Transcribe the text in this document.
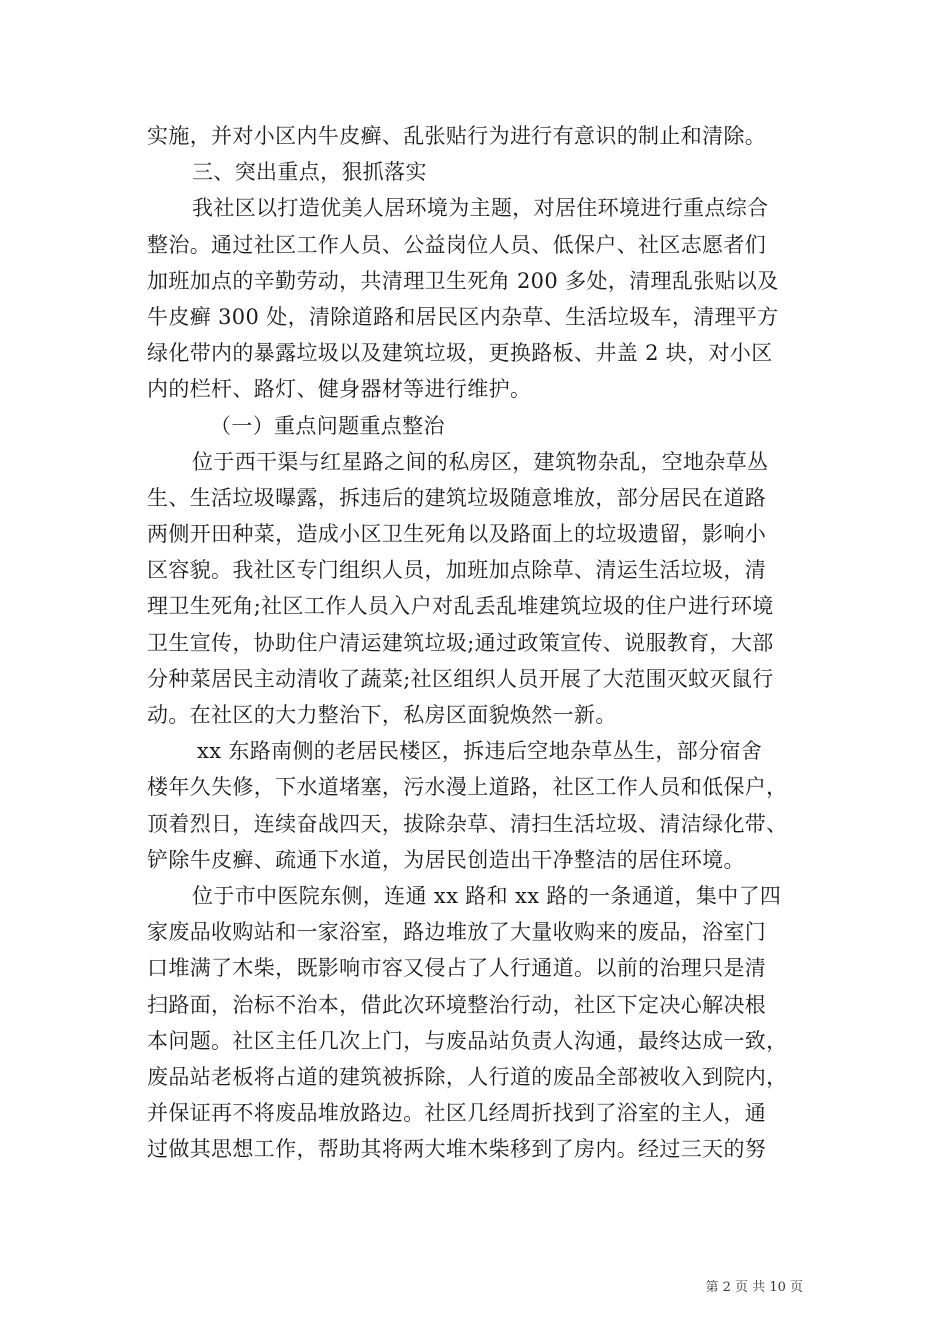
实施，并对小区内牛皮癣、乱张贴行为进行有意识的制止和清除。
三、突出重点，狠抓落实
我社区以打造优美人居环境为主题，对居住环境进行重点综合
整治。通过社区工作人员、公益岗位人员、低保户、社区志愿者们
加班加点的辛勤劳动，共清理卫生死角 200 多处，清理乱张贴以及
牛皮癣 300 处，清除道路和居民区内杂草、生活垃圾车，清理平方
绿化带内的暴露垃圾以及建筑垃圾，更换路板、井盖 2 块，对小区
内的栏杆、路灯、健身器材等进行维护。
（一）重点问题重点整治
位于西干渠与红星路之间的私房区，建筑物杂乱，空地杂草丛
生、生活垃圾曝露，拆违后的建筑垃圾随意堆放，部分居民在道路
两侧开田种菜，造成小区卫生死角以及路面上的垃圾遗留，影响小
区容貌。我社区专门组织人员，加班加点除草、清运生活垃圾，清
理卫生死角;社区工作人员入户对乱丢乱堆建筑垃圾的住户进行环境
卫生宣传，协助住户清运建筑垃圾;通过政策宣传、说服教育，大部
分种菜居民主动清收了蔬菜;社区组织人员开展了大范围灭蚊灭鼠行
动。在社区的大力整治下，私房区面貌焕然一新。
xx 东路南侧的老居民楼区，拆违后空地杂草丛生，部分宿舍
楼年久失修，下水道堵塞，污水漫上道路，社区工作人员和低保户，
顶着烈日，连续奋战四天，拔除杂草、清扫生活垃圾、清洁绿化带、
铲除牛皮癣、疏通下水道，为居民创造出干净整洁的居住环境。
位于市中医院东侧，连通 xx 路和 xx 路的一条通道，集中了四
家废品收购站和一家浴室，路边堆放了大量收购来的废品，浴室门
口堆满了木柴，既影响市容又侵占了人行通道。以前的治理只是清
扫路面，治标不治本，借此次环境整治行动，社区下定决心解决根
本问题。社区主任几次上门，与废品站负责人沟通，最终达成一致，
废品站老板将占道的建筑被拆除，人行道的废品全部被收入到院内，
并保证再不将废品堆放路边。社区几经周折找到了浴室的主人，通
过做其思想工作，帮助其将两大堆木柴移到了房内。经过三天的努
第 2 页 共 10 页
